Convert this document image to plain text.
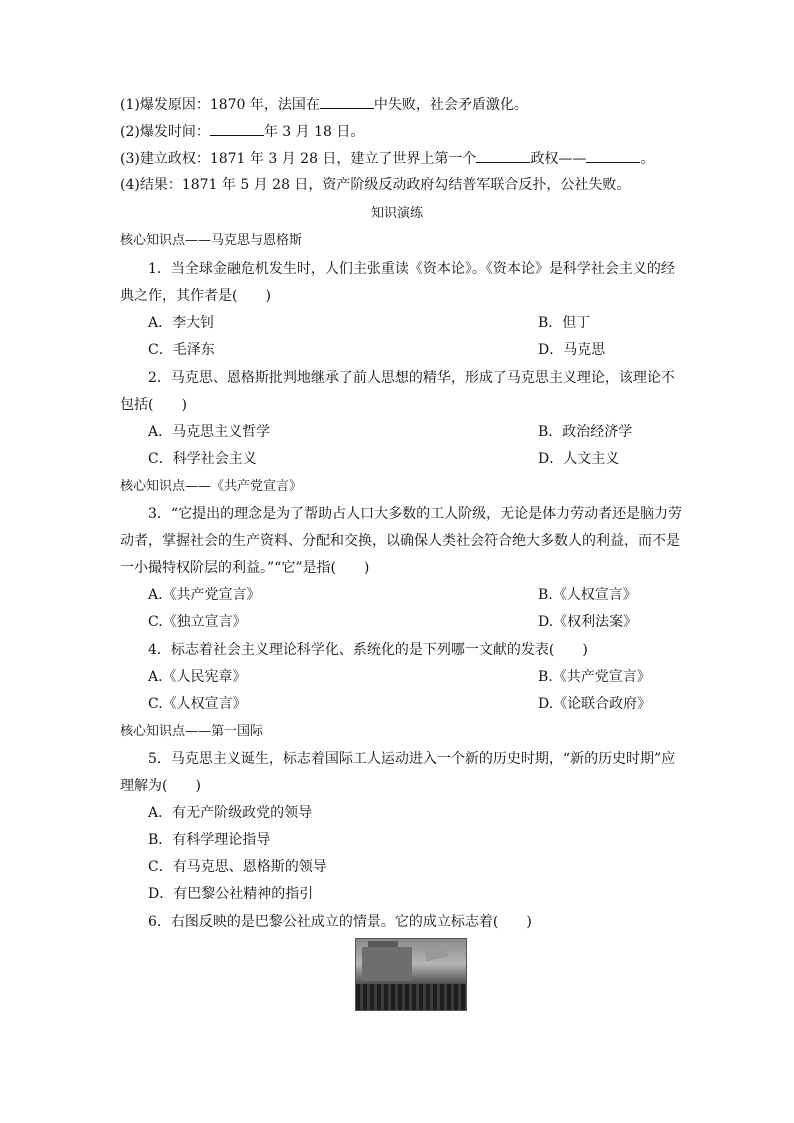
(1)爆发原因：1870 年，法国在	中失败，社会矛盾激化。
(2)爆发时间：	年 3 月 18 日。
(3)建立政权：1871 年 3 月 28 日，建立了世界上第一个	政权——	。
(4)结果：1871 年 5 月 28 日，资产阶级反动政府勾结普军联合反扑，公社失败。
知识演练
核心知识点——马克思与恩格斯
1．当全球金融危机发生时，人们主张重读《资本论》。《资本论》是科学社会主义的经
典之作，其作者是(　　)
A．李大钊	B．但丁
C．毛泽东	D．马克思
2．马克思、恩格斯批判地继承了前人思想的精华，形成了马克思主义理论，该理论不
包括(　　)
A．马克思主义哲学	B．政治经济学
C．科学社会主义	D．人文主义
核心知识点——《共产党宣言》
3．“它提出的理念是为了帮助占人口大多数的工人阶级，无论是体力劳动者还是脑力劳
动者，掌握社会的生产资料、分配和交换，以确保人类社会符合绝大多数人的利益，而不是
一小撮特权阶层的利益。”“它”是指(　　)
A.《共产党宣言》	B.《人权宣言》
C.《独立宣言》	D.《权利法案》
4．标志着社会主义理论科学化、系统化的是下列哪一文献的发表(　　)
A.《人民宪章》	B.《共产党宣言》
C.《人权宣言》	D.《论联合政府》
核心知识点——第一国际
5．马克思主义诞生，标志着国际工人运动进入一个新的历史时期，“新的历史时期”应
理解为(　　)
A．有无产阶级政党的领导
B．有科学理论指导
C．有马克思、恩格斯的领导
D．有巴黎公社精神的指引
6．右图反映的是巴黎公社成立的情景。它的成立标志着(　　)
